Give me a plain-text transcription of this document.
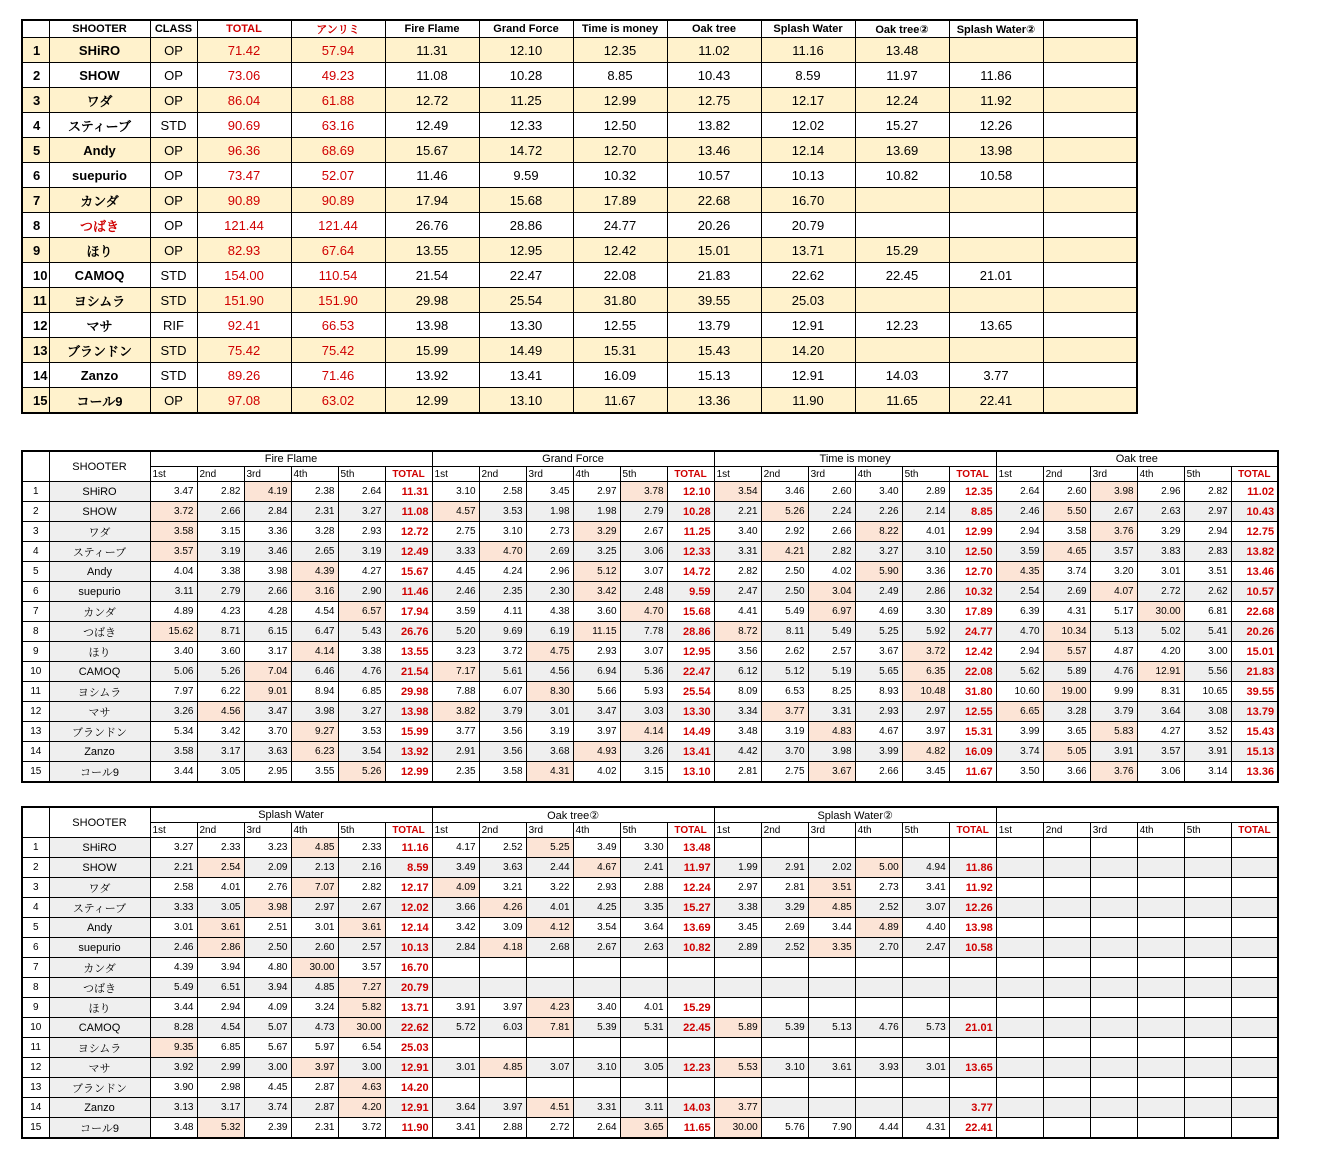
	SHOOTER	CLASS	TOTAL	アンリミ	Fire Flame	Grand Force	Time is money	Oak tree	Splash Water	Oak tree②	Splash Water②	
1	SHiRO	OP	71.42	57.94	11.31	12.10	12.35	11.02	11.16	13.48		
2	SHOW	OP	73.06	49.23	11.08	10.28	8.85	10.43	8.59	11.97	11.86	
3	ワダ	OP	86.04	61.88	12.72	11.25	12.99	12.75	12.17	12.24	11.92	
4	スティーブ	STD	90.69	63.16	12.49	12.33	12.50	13.82	12.02	15.27	12.26	
5	Andy	OP	96.36	68.69	15.67	14.72	12.70	13.46	12.14	13.69	13.98	
6	suepurio	OP	73.47	52.07	11.46	9.59	10.32	10.57	10.13	10.82	10.58	
7	カンダ	OP	90.89	90.89	17.94	15.68	17.89	22.68	16.70			
8	つばき	OP	121.44	121.44	26.76	28.86	24.77	20.26	20.79			
9	ほり	OP	82.93	67.64	13.55	12.95	12.42	15.01	13.71	15.29		
10	CAMOQ	STD	154.00	110.54	21.54	22.47	22.08	21.83	22.62	22.45	21.01	
11	ヨシムラ	STD	151.90	151.90	29.98	25.54	31.80	39.55	25.03			
12	マサ	RIF	92.41	66.53	13.98	13.30	12.55	13.79	12.91	12.23	13.65	
13	ブランドン	STD	75.42	75.42	15.99	14.49	15.31	15.43	14.20			
14	Zanzo	STD	89.26	71.46	13.92	13.41	16.09	15.13	12.91	14.03	3.77	
15	コール9	OP	97.08	63.02	12.99	13.10	11.67	13.36	11.90	11.65	22.41	
	SHOOTER	Fire Flame						Grand Force						Time is money						Oak tree					
		1st	2nd	3rd	4th	5th	TOTAL	1st	2nd	3rd	4th	5th	TOTAL	1st	2nd	3rd	4th	5th	TOTAL	1st	2nd	3rd	4th	5th	TOTAL
1	SHiRO	3.47	2.82	4.19	2.38	2.64	11.31	3.10	2.58	3.45	2.97	3.78	12.10	3.54	3.46	2.60	3.40	2.89	12.35	2.64	2.60	3.98	2.96	2.82	11.02
2	SHOW	3.72	2.66	2.84	2.31	3.27	11.08	4.57	3.53	1.98	1.98	2.79	10.28	2.21	5.26	2.24	2.26	2.14	8.85	2.46	5.50	2.67	2.63	2.97	10.43
3	ワダ	3.58	3.15	3.36	3.28	2.93	12.72	2.75	3.10	2.73	3.29	2.67	11.25	3.40	2.92	2.66	8.22	4.01	12.99	2.94	3.58	3.76	3.29	2.94	12.75
4	スティーブ	3.57	3.19	3.46	2.65	3.19	12.49	3.33	4.70	2.69	3.25	3.06	12.33	3.31	4.21	2.82	3.27	3.10	12.50	3.59	4.65	3.57	3.83	2.83	13.82
5	Andy	4.04	3.38	3.98	4.39	4.27	15.67	4.45	4.24	2.96	5.12	3.07	14.72	2.82	2.50	4.02	5.90	3.36	12.70	4.35	3.74	3.20	3.01	3.51	13.46
6	suepurio	3.11	2.79	2.66	3.16	2.90	11.46	2.46	2.35	2.30	3.42	2.48	9.59	2.47	2.50	3.04	2.49	2.86	10.32	2.54	2.69	4.07	2.72	2.62	10.57
7	カンダ	4.89	4.23	4.28	4.54	6.57	17.94	3.59	4.11	4.38	3.60	4.70	15.68	4.41	5.49	6.97	4.69	3.30	17.89	6.39	4.31	5.17	30.00	6.81	22.68
8	つばき	15.62	8.71	6.15	6.47	5.43	26.76	5.20	9.69	6.19	11.15	7.78	28.86	8.72	8.11	5.49	5.25	5.92	24.77	4.70	10.34	5.13	5.02	5.41	20.26
9	ほり	3.40	3.60	3.17	4.14	3.38	13.55	3.23	3.72	4.75	2.93	3.07	12.95	3.56	2.62	2.57	3.67	3.72	12.42	2.94	5.57	4.87	4.20	3.00	15.01
10	CAMOQ	5.06	5.26	7.04	6.46	4.76	21.54	7.17	5.61	4.56	6.94	5.36	22.47	6.12	5.12	5.19	5.65	6.35	22.08	5.62	5.89	4.76	12.91	5.56	21.83
11	ヨシムラ	7.97	6.22	9.01	8.94	6.85	29.98	7.88	6.07	8.30	5.66	5.93	25.54	8.09	6.53	8.25	8.93	10.48	31.80	10.60	19.00	9.99	8.31	10.65	39.55
12	マサ	3.26	4.56	3.47	3.98	3.27	13.98	3.82	3.79	3.01	3.47	3.03	13.30	3.34	3.77	3.31	2.93	2.97	12.55	6.65	3.28	3.79	3.64	3.08	13.79
13	ブランドン	5.34	3.42	3.70	9.27	3.53	15.99	3.77	3.56	3.19	3.97	4.14	14.49	3.48	3.19	4.83	4.67	3.97	15.31	3.99	3.65	5.83	4.27	3.52	15.43
14	Zanzo	3.58	3.17	3.63	6.23	3.54	13.92	2.91	3.56	3.68	4.93	3.26	13.41	4.42	3.70	3.98	3.99	4.82	16.09	3.74	5.05	3.91	3.57	3.91	15.13
15	コール9	3.44	3.05	2.95	3.55	5.26	12.99	2.35	3.58	4.31	4.02	3.15	13.10	2.81	2.75	3.67	2.66	3.45	11.67	3.50	3.66	3.76	3.06	3.14	13.36
	SHOOTER	Splash Water						Oak tree②						Splash Water②											
		1st	2nd	3rd	4th	5th	TOTAL	1st	2nd	3rd	4th	5th	TOTAL	1st	2nd	3rd	4th	5th	TOTAL	1st	2nd	3rd	4th	5th	TOTAL
1	SHiRO	3.27	2.33	3.23	4.85	2.33	11.16	4.17	2.52	5.25	3.49	3.30	13.48												
2	SHOW	2.21	2.54	2.09	2.13	2.16	8.59	3.49	3.63	2.44	4.67	2.41	11.97	1.99	2.91	2.02	5.00	4.94	11.86						
3	ワダ	2.58	4.01	2.76	7.07	2.82	12.17	4.09	3.21	3.22	2.93	2.88	12.24	2.97	2.81	3.51	2.73	3.41	11.92						
4	スティーブ	3.33	3.05	3.98	2.97	2.67	12.02	3.66	4.26	4.01	4.25	3.35	15.27	3.38	3.29	4.85	2.52	3.07	12.26						
5	Andy	3.01	3.61	2.51	3.01	3.61	12.14	3.42	3.09	4.12	3.54	3.64	13.69	3.45	2.69	3.44	4.89	4.40	13.98						
6	suepurio	2.46	2.86	2.50	2.60	2.57	10.13	2.84	4.18	2.68	2.67	2.63	10.82	2.89	2.52	3.35	2.70	2.47	10.58						
7	カンダ	4.39	3.94	4.80	30.00	3.57	16.70																		
8	つばき	5.49	6.51	3.94	4.85	7.27	20.79																		
9	ほり	3.44	2.94	4.09	3.24	5.82	13.71	3.91	3.97	4.23	3.40	4.01	15.29												
10	CAMOQ	8.28	4.54	5.07	4.73	30.00	22.62	5.72	6.03	7.81	5.39	5.31	22.45	5.89	5.39	5.13	4.76	5.73	21.01						
11	ヨシムラ	9.35	6.85	5.67	5.97	6.54	25.03																		
12	マサ	3.92	2.99	3.00	3.97	3.00	12.91	3.01	4.85	3.07	3.10	3.05	12.23	5.53	3.10	3.61	3.93	3.01	13.65						
13	ブランドン	3.90	2.98	4.45	2.87	4.63	14.20																		
14	Zanzo	3.13	3.17	3.74	2.87	4.20	12.91	3.64	3.97	4.51	3.31	3.11	14.03	3.77					3.77						
15	コール9	3.48	5.32	2.39	2.31	3.72	11.90	3.41	2.88	2.72	2.64	3.65	11.65	30.00	5.76	7.90	4.44	4.31	22.41						
